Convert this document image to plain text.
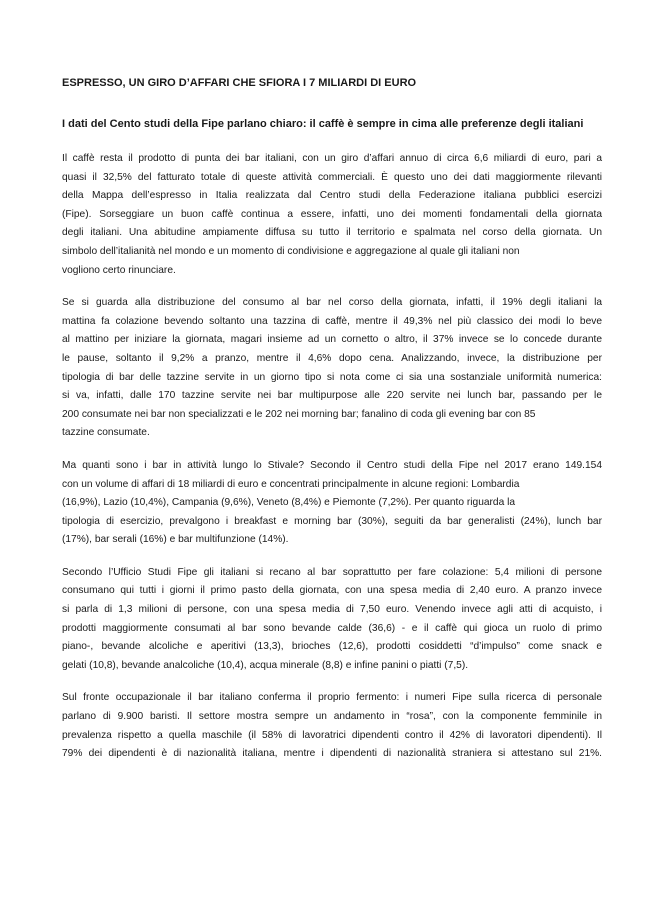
ESPRESSO, UN GIRO D’AFFARI CHE SFIORA I 7 MILIARDI DI EURO
I dati del Cento studi della Fipe parlano chiaro: il caffè è sempre in cima alle preferenze degli italiani
Il caffè resta il prodotto di punta dei bar italiani, con un giro d’affari annuo di circa 6,6 miliardi di euro, pari a
quasi il 32,5% del fatturato totale di queste attività commerciali. È questo uno dei dati maggiormente rilevanti
della Mappa dell’espresso in Italia realizzata dal Centro studi della Federazione italiana pubblici esercizi
(Fipe). Sorseggiare un buon caffè continua a essere, infatti, uno dei momenti fondamentali della giornata
degli italiani. Una abitudine ampiamente diffusa su tutto il territorio e spalmata nel corso della giornata. Un
simbolo dell’italianità nel mondo e un momento di condivisione e aggregazione al quale gli italiani non
vogliono certo rinunciare.
Se si guarda alla distribuzione del consumo al bar nel corso della giornata, infatti, il 19% degli italiani la
mattina fa colazione bevendo soltanto una tazzina di caffè, mentre il 49,3% nel più classico dei modi lo beve
al mattino per iniziare la giornata, magari insieme ad un cornetto o altro, il 37% invece se lo concede durante
le pause, soltanto il 9,2% a pranzo, mentre il 4,6% dopo cena. Analizzando, invece, la distribuzione per
tipologia di bar delle tazzine servite in un giorno tipo si nota come ci sia una sostanziale uniformità numerica:
si va, infatti, dalle 170 tazzine servite nei bar multipurpose alle 220 servite nei lunch bar, passando per le
200 consumate nei bar non specializzati e le 202 nei morning bar; fanalino di coda gli evening bar con 85
tazzine consumate.
Ma quanti sono i bar in attività lungo lo Stivale? Secondo il Centro studi della Fipe nel 2017 erano 149.154
con un volume di affari di 18 miliardi di euro e concentrati principalmente in alcune regioni: Lombardia
(16,9%), Lazio (10,4%), Campania (9,6%), Veneto (8,4%) e Piemonte (7,2%). Per quanto riguarda la
tipologia di esercizio, prevalgono i breakfast e morning bar (30%), seguiti da bar generalisti (24%), lunch bar
(17%), bar serali (16%) e bar multifunzione (14%).
Secondo l’Ufficio Studi Fipe gli italiani si recano al bar soprattutto per fare colazione: 5,4 milioni di persone
consumano qui tutti i giorni il primo pasto della giornata, con una spesa media di 2,40 euro. A pranzo invece
si parla di 1,3 milioni di persone, con una spesa media di 7,50 euro. Venendo invece agli atti di acquisto, i
prodotti maggiormente consumati al bar sono bevande calde (36,6) - e il caffè qui gioca un ruolo di primo
piano-, bevande alcoliche e aperitivi (13,3), brioches (12,6), prodotti cosiddetti “d’impulso” come snack e
gelati (10,8), bevande analcoliche (10,4), acqua minerale (8,8) e infine panini o piatti (7,5).
Sul fronte occupazionale il bar italiano conferma il proprio fermento: i numeri Fipe sulla ricerca di personale
parlano di 9.900 baristi. Il settore mostra sempre un andamento in “rosa”, con la componente femminile in
prevalenza rispetto a quella maschile (il 58% di lavoratrici dipendenti contro il 42% di lavoratori dipendenti). Il
79% dei dipendenti è di nazionalità italiana, mentre i dipendenti di nazionalità straniera si attestano sul 21%.
